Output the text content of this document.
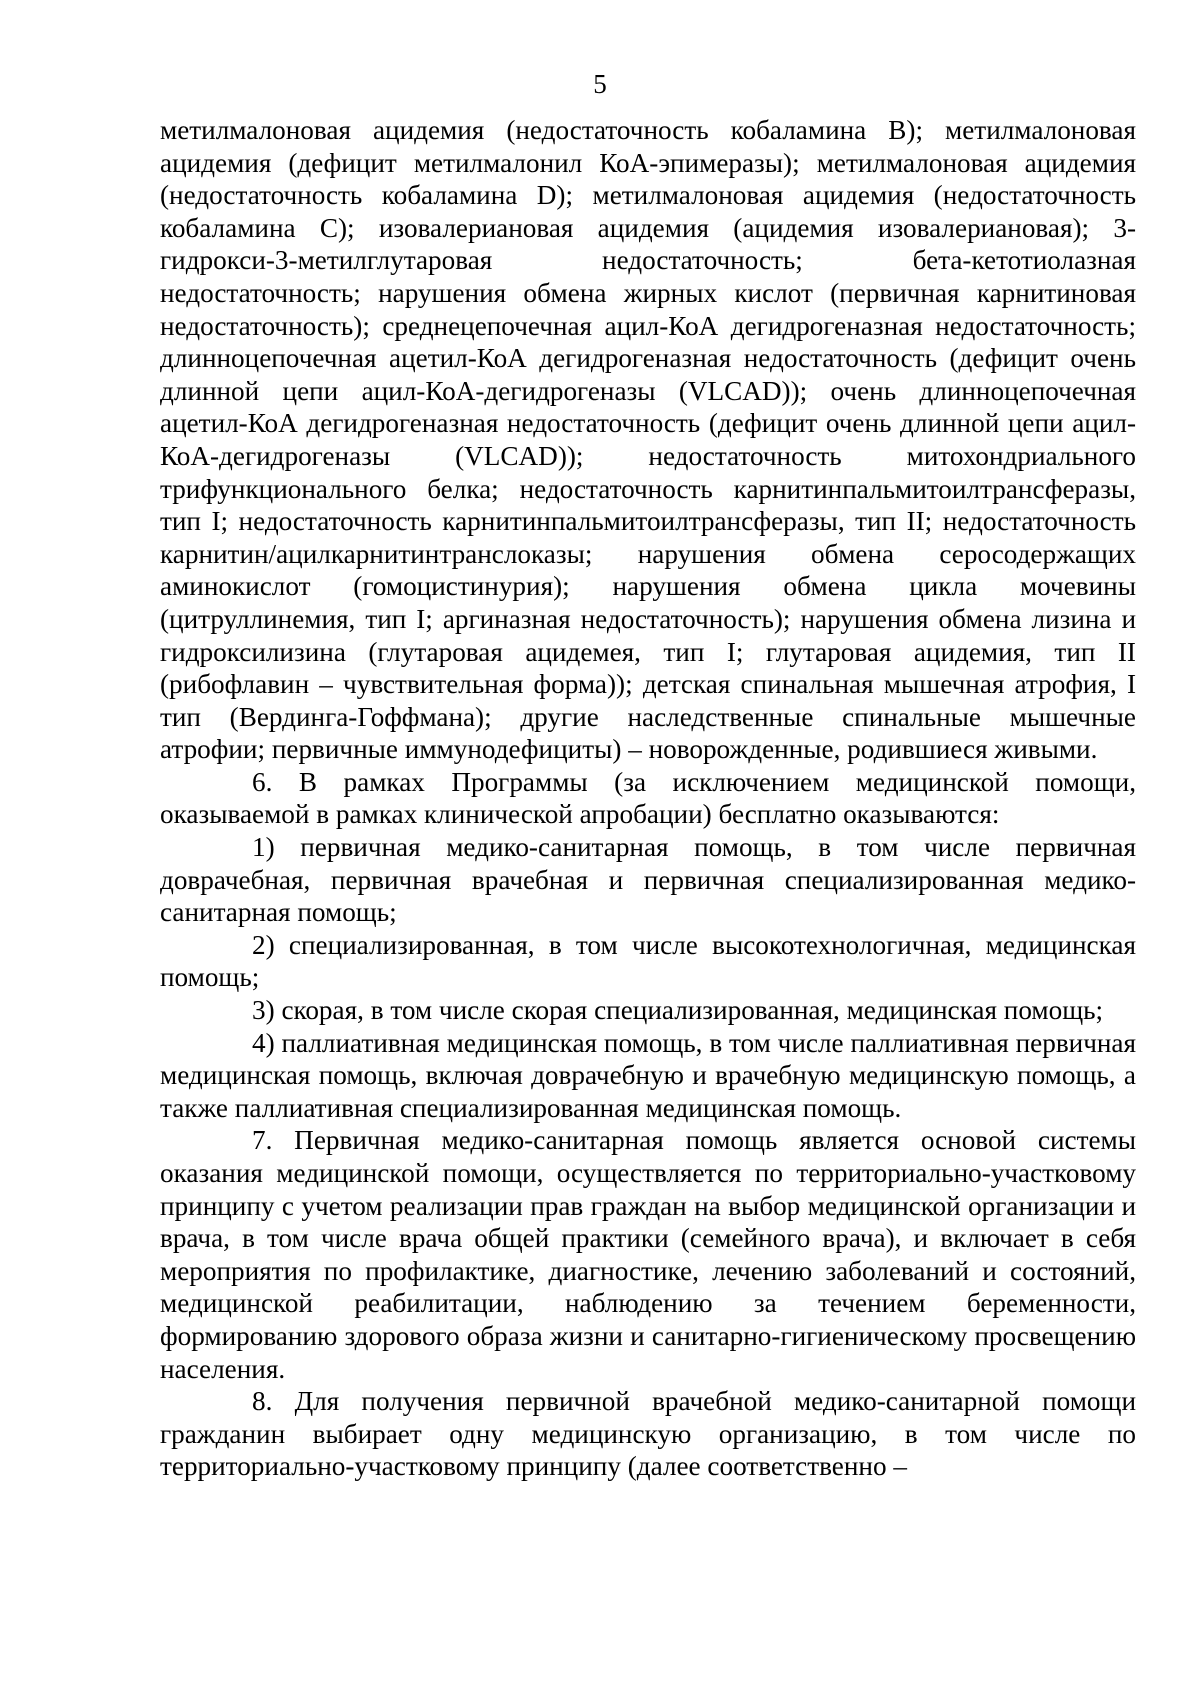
5

метилмалоновая ацидемия (недостаточность кобаламина В); метилмалоновая ацидемия (дефицит метилмалонил КоА-эпимеразы); метилмалоновая ацидемия (недостаточность кобаламина D); метилмалоновая ацидемия (недостаточность кобаламина С); изовалериановая ацидемия (ацидемия изовалериановая); 3-гидрокси-3-метилглутаровая недостаточность; бета-кетотиолазная недостаточность; нарушения обмена жирных кислот (первичная карнитиновая недостаточность); среднецепочечная ацил-КоА дегидрогеназная недостаточность; длинноцепочечная ацетил-КоА дегидрогеназная недостаточность (дефицит очень длинной цепи ацил-КоА-дегидрогеназы (VLCAD)); очень длинноцепочечная ацетил-КоА дегидрогеназная недостаточность (дефицит очень длинной цепи ацил-КоА-дегидрогеназы (VLCAD)); недостаточность митохондриального трифункционального белка; недостаточность карнитинпальмитоилтрансферазы, тип I; недостаточность карнитинпальмитоилтрансферазы, тип II; недостаточность карнитин/ацилкарнитинтранслоказы; нарушения обмена серосодержащих аминокислот (гомоцистинурия); нарушения обмена цикла мочевины (цитруллинемия, тип I; аргиназная недостаточность); нарушения обмена лизина и гидроксилизина (глутаровая ацидемея, тип I; глутаровая ацидемия, тип II (рибофлавин – чувствительная форма)); детская спинальная мышечная атрофия, I тип (Вердинга-Гоффмана); другие наследственные спинальные мышечные атрофии; первичные иммунодефициты) – новорожденные, родившиеся живыми.

6. В рамках Программы (за исключением медицинской помощи, оказываемой в рамках клинической апробации) бесплатно оказываются:

1) первичная медико-санитарная помощь, в том числе первичная доврачебная, первичная врачебная и первичная специализированная медико-санитарная помощь;

2) специализированная, в том числе высокотехнологичная, медицинская помощь;

3) скорая, в том числе скорая специализированная, медицинская помощь;

4) паллиативная медицинская помощь, в том числе паллиативная первичная медицинская помощь, включая доврачебную и врачебную медицинскую помощь, а также паллиативная специализированная медицинская помощь.

7. Первичная медико-санитарная помощь является основой системы оказания медицинской помощи, осуществляется по территориально-участковому принципу с учетом реализации прав граждан на выбор медицинской организации и врача, в том числе врача общей практики (семейного врача), и включает в себя мероприятия по профилактике, диагностике, лечению заболеваний и состояний, медицинской реабилитации, наблюдению за течением беременности, формированию здорового образа жизни и санитарно-гигиеническому просвещению населения.

8. Для получения первичной врачебной медико-санитарной помощи гражданин выбирает одну медицинскую организацию, в том числе по территориально-участковому принципу (далее соответственно –
